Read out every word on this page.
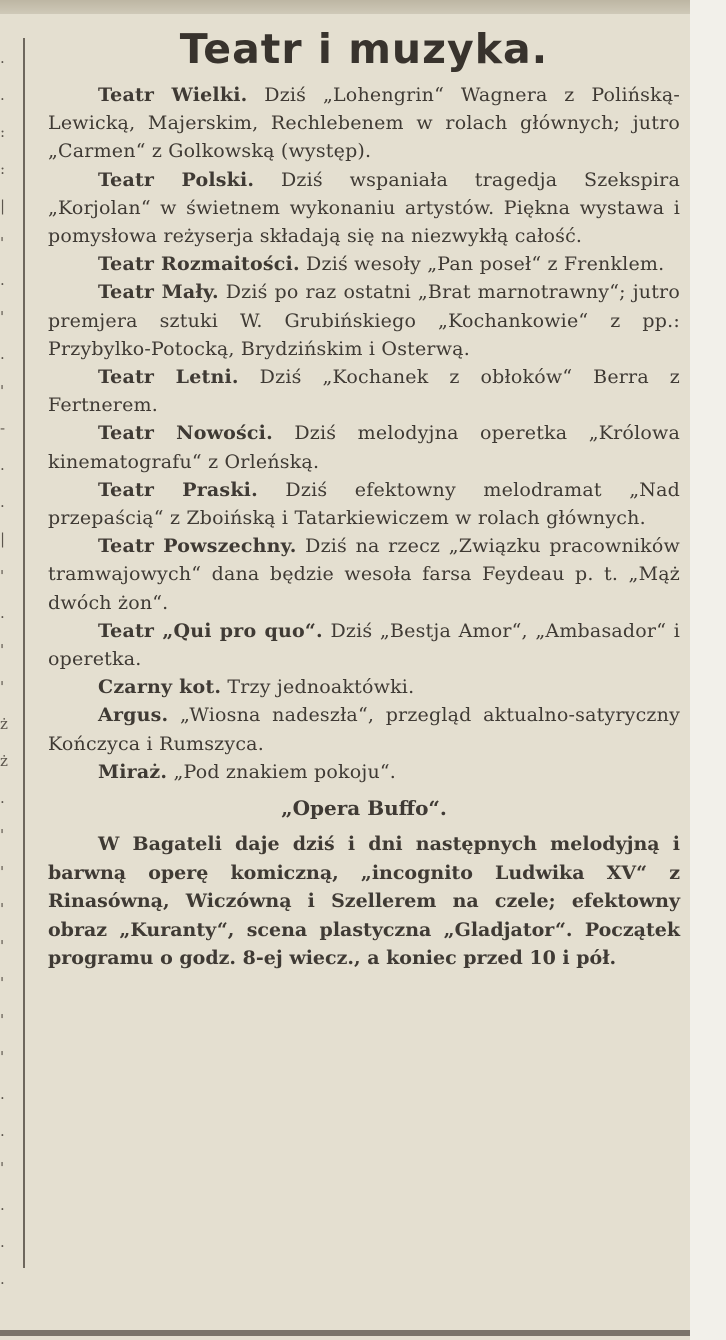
.
.
:
:
|
'
.
'
.
'
-
.
.
|
'
.
'
'
ż
ż
.
'
'
'
'
'
'
'
.
.
'
.
.
.
Teatr i muzyka.

Teatr Wielki. Dziś „Lohengrin“ Wagnera z Polińską-Lewicką, Majerskim, Rechlebenem w rolach głównych; jutro „Carmen“ z Golkowską (występ).

Teatr Polski. Dziś wspaniała tragedja Szekspira „Korjolan“ w świetnem wykonaniu artystów. Piękna wystawa i pomysłowa reżyserja składają się na niezwykłą całość.

Teatr Rozmaitości. Dziś wesoły „Pan poseł“ z Frenklem.

Teatr Mały. Dziś po raz ostatni „Brat marnotrawny“; jutro premjera sztuki W. Grubińskiego „Kochankowie“ z pp.: Przybylko-Potocką, Brydzińskim i Osterwą.

Teatr Letni. Dziś „Kochanek z obłoków“ Berra z Fertnerem.

Teatr Nowości. Dziś melodyjna operetka „Królowa kinematografu“ z Orleńską.

Teatr Praski. Dziś efektowny melodramat „Nad przepaścią“ z Zboińską i Tatarkiewiczem w rolach głównych.

Teatr Powszechny. Dziś na rzecz „Związku pracowników tramwajowych“ dana będzie wesoła farsa Feydeau p. t. „Mąż dwóch żon“.

Teatr „Qui pro quo“. Dziś „Bestja Amor“, „Ambasador“ i operetka.

Czarny kot. Trzy jednoaktówki.

Argus. „Wiosna nadeszła“, przegląd aktualno-satyryczny Kończyca i Rumszycа.

Miraż. „Pod znakiem pokoju“.

„Opera Buffo“.

W Bagateli daje dziś i dni następnych melodyjną i barwną operę komiczną, „incognito Ludwika XV“ z Rinasówną, Wiczówną i Szellerem na czele; efektowny obraz „Kuranty“, scena plastyczna „Gladjator“. Początek programu o godz. 8-ej wiecz., a koniec przed 10 i pół.
